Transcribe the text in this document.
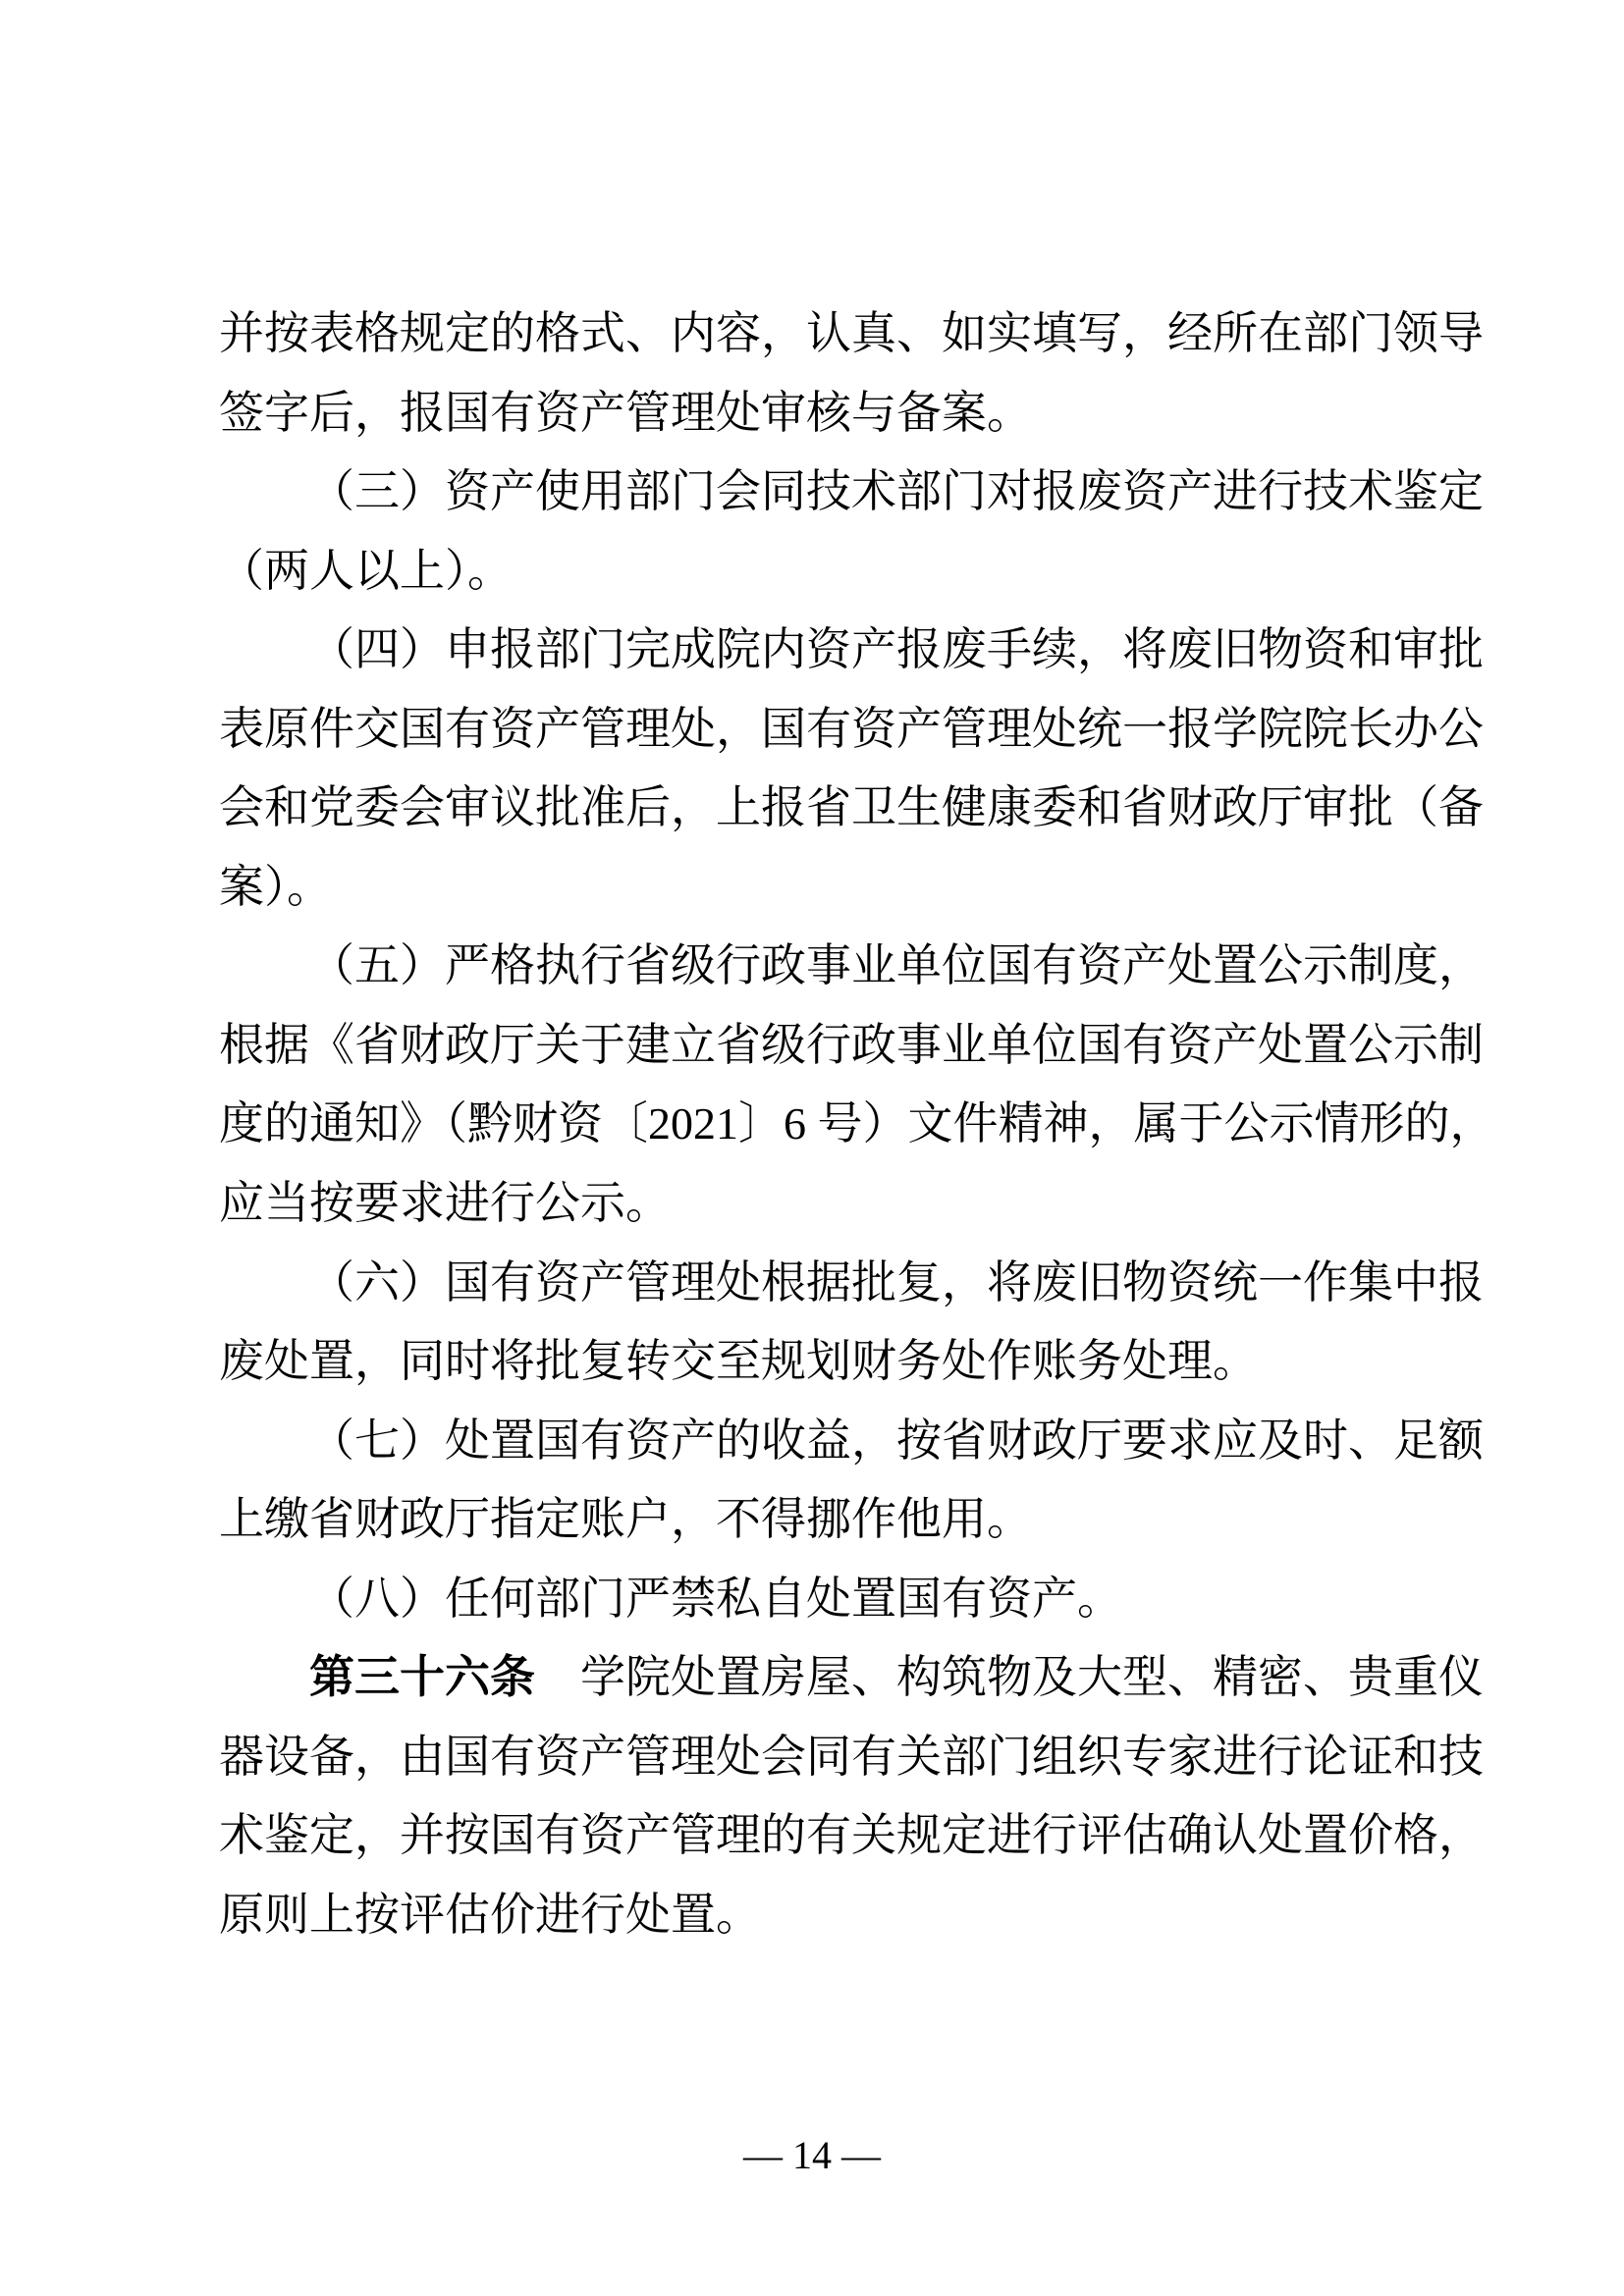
并按表格规定的格式、内容，认真、如实填写，经所在部门领导
签字后，报国有资产管理处审核与备案。
（三）资产使用部门会同技术部门对报废资产进行技术鉴定
（两人以上）。
（四）申报部门完成院内资产报废手续，将废旧物资和审批
表原件交国有资产管理处，国有资产管理处统一报学院院长办公
会和党委会审议批准后，上报省卫生健康委和省财政厅审批（备
案）。
（五）严格执行省级行政事业单位国有资产处置公示制度，
根据《省财政厅关于建立省级行政事业单位国有资产处置公示制
度的通知》（黔财资〔2021〕6 号）文件精神，属于公示情形的，
应当按要求进行公示。
（六）国有资产管理处根据批复，将废旧物资统一作集中报
废处置，同时将批复转交至规划财务处作账务处理。
（七）处置国有资产的收益，按省财政厅要求应及时、足额
上缴省财政厅指定账户，不得挪作他用。
（八）任何部门严禁私自处置国有资产。
第三十六条　学院处置房屋、构筑物及大型、精密、贵重仪
器设备，由国有资产管理处会同有关部门组织专家进行论证和技
术鉴定，并按国有资产管理的有关规定进行评估确认处置价格，
原则上按评估价进行处置。
— 14 —
